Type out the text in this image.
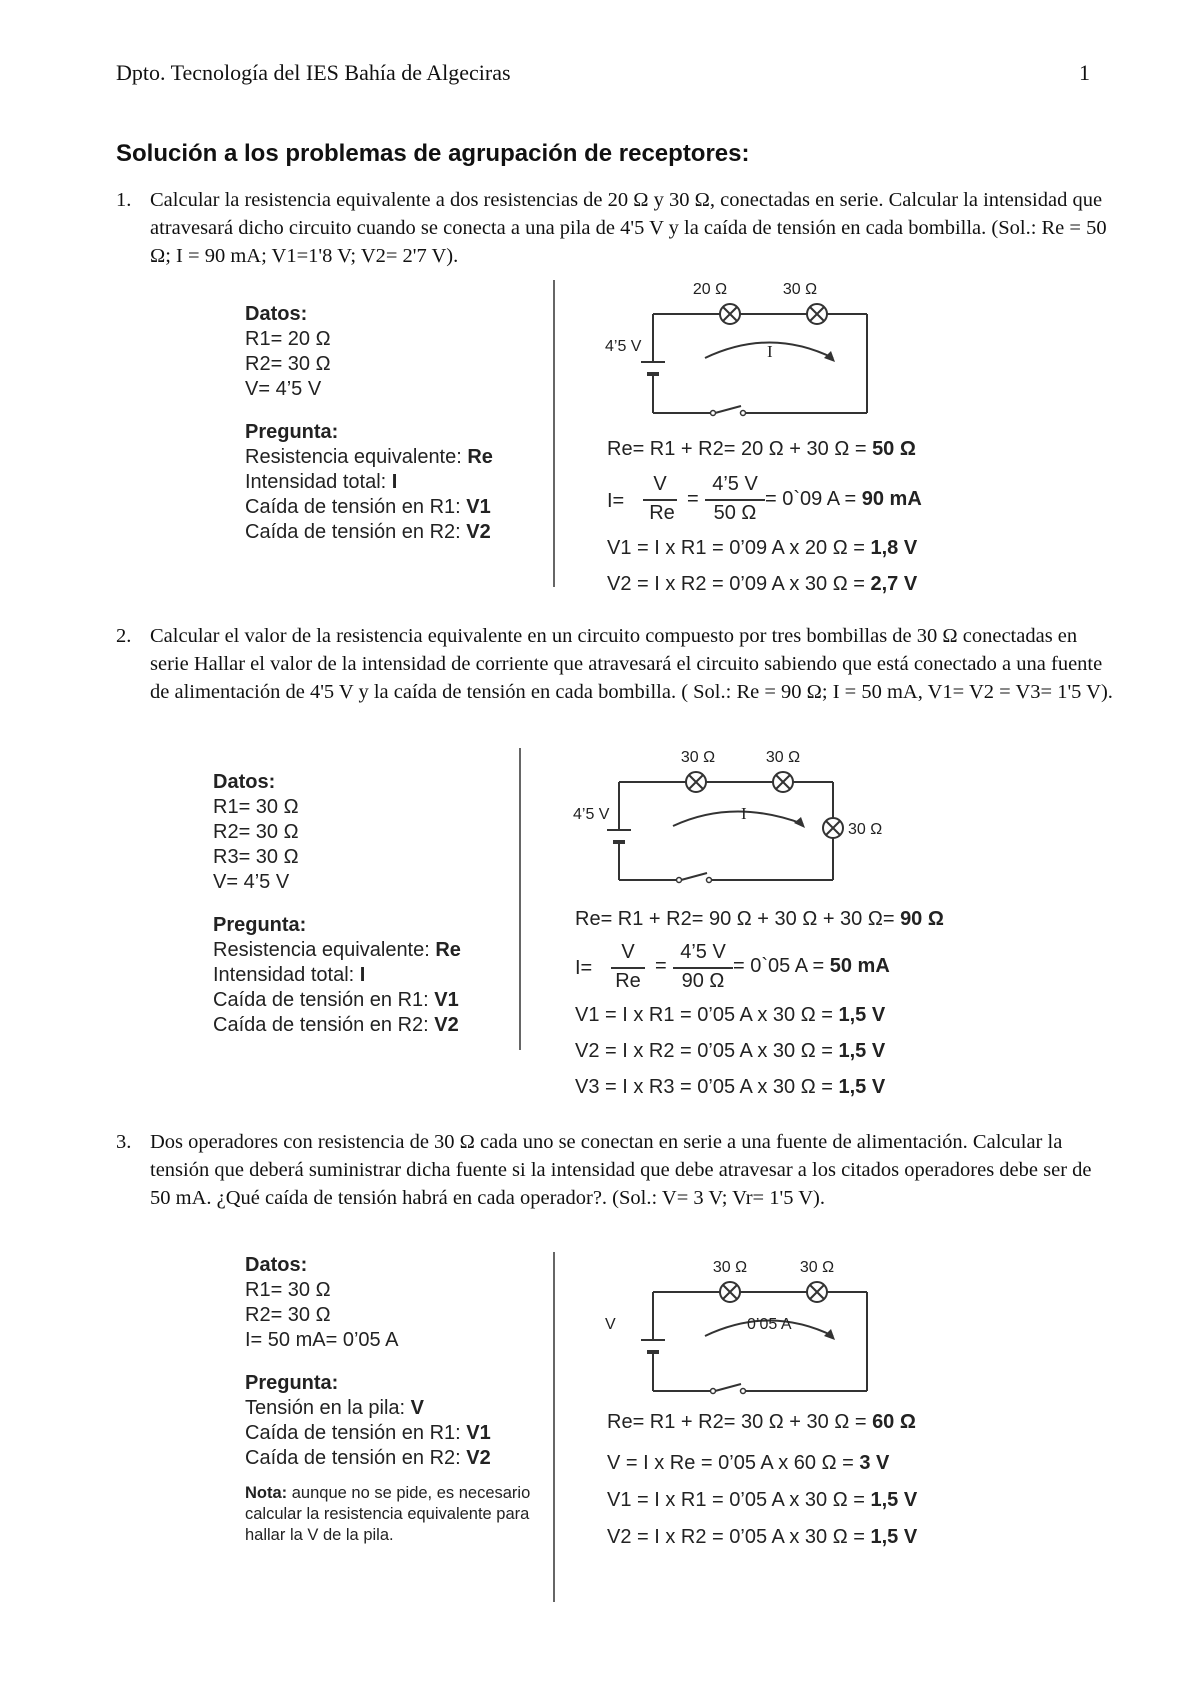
Dpto. Tecnología del IES Bahía de Algeciras	1
Solución a los problemas de agrupación de receptores:
1. Calcular la resistencia equivalente a dos resistencias de 20 Ω y 30 Ω, conectadas en serie. Calcular la intensidad que atravesará dicho circuito cuando se conecta a una pila de 4'5 V y la caída de tensión en cada bombilla. (Sol.: Re = 50 Ω; I = 90 mA; V1=1'8 V; V2= 2'7 V).
Datos:
R1= 20 Ω
R2= 30 Ω
V= 4’5 V
Pregunta:
Resistencia equivalente: Re
Intensidad total: I
Caída de tensión en R1: V1
Caída de tensión en R2: V2
20 Ω	30 Ω
4’5 V	I
Re= R1 + R2= 20 Ω + 30 Ω = 50 Ω
I=
V
Re
=
4’5 V
50 Ω
= 0`09 A = 90 mA
V1 = I x R1 = 0’09 A x 20 Ω = 1,8 V
V2 = I x R2 = 0’09 A x 30 Ω = 2,7 V
2. Calcular el valor de la resistencia equivalente en un circuito compuesto por tres bombillas de 30 Ω conectadas en serie Hallar el valor de la intensidad de corriente que atravesará el circuito sabiendo que está conectado a una fuente de alimentación de 4'5 V y la caída de tensión en cada bombilla. ( Sol.: Re = 90 Ω; I = 50 mA, V1= V2 = V3= 1'5 V).
Datos:
R1= 30 Ω
R2= 30 Ω
R3= 30 Ω
V= 4’5 V
Pregunta:
Resistencia equivalente: Re
Intensidad total: I
Caída de tensión en R1: V1
Caída de tensión en R2: V2
30 Ω	30 Ω
30 Ω
4’5 V	I
Re= R1 + R2= 90 Ω + 30 Ω + 30 Ω= 90 Ω
I=
V
Re
=
4’5 V
90 Ω
= 0`05 A = 50 mA
V1 = I x R1 = 0’05 A x 30 Ω = 1,5 V
V2 = I x R2 = 0’05 A x 30 Ω = 1,5 V
V3 = I x R3 = 0’05 A x 30 Ω = 1,5 V
3. Dos operadores con resistencia de 30 Ω cada uno se conectan en serie a una fuente de alimentación. Calcular la tensión que deberá suministrar dicha fuente si la intensidad que debe atravesar a los citados operadores debe ser de 50 mA. ¿Qué caída de tensión habrá en cada operador?. (Sol.: V= 3 V; Vr= 1'5 V).
Datos:
R1= 30 Ω
R2= 30 Ω
I= 50 mA= 0’05 A
Pregunta:
Tensión en la pila: V
Caída de tensión en R1: V1
Caída de tensión en R2: V2
Nota: aunque no se pide, es necesario calcular la resistencia equivalente para hallar la V de la pila.
30 Ω	30 Ω
V	0’05 A
Re= R1 + R2= 30 Ω + 30 Ω = 60 Ω
V = I x Re = 0’05 A x 60 Ω = 3 V
V1 = I x R1 = 0’05 A x 30 Ω = 1,5 V
V2 = I x R2 = 0’05 A x 30 Ω = 1,5 V
